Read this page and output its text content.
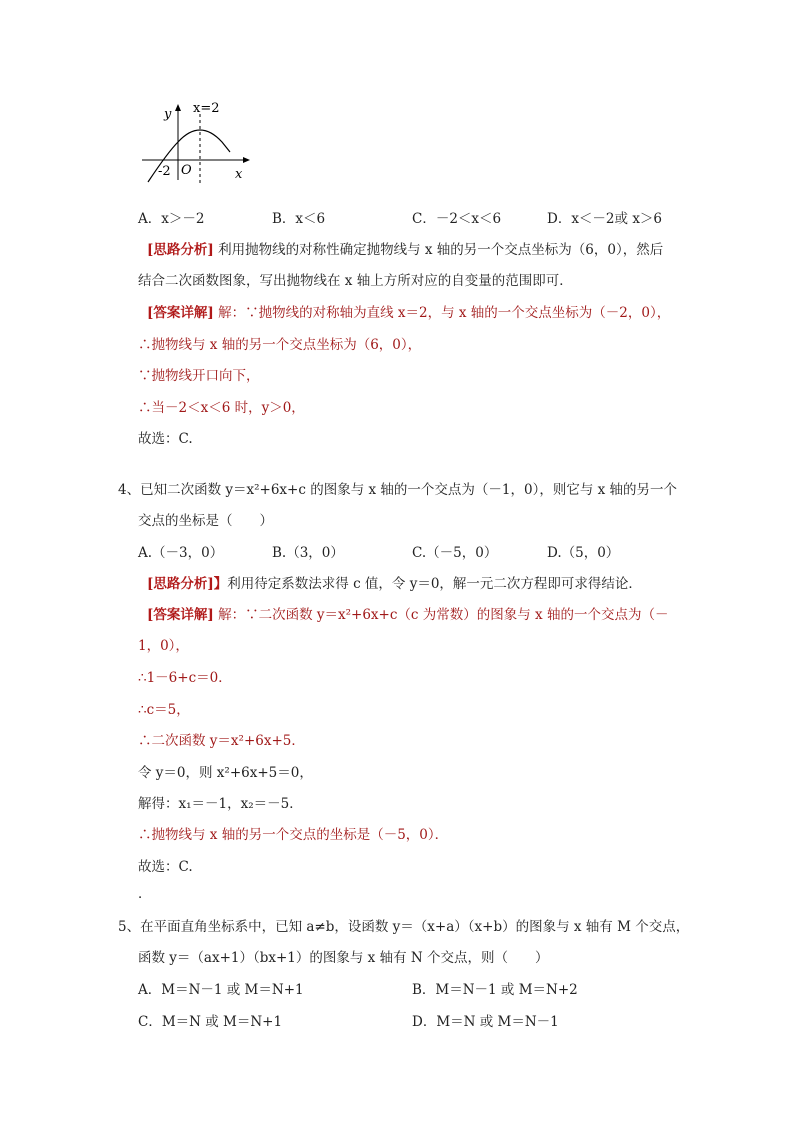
y x=2
-2 O	x
A．x＞－2	B．x＜6	C．－2＜x＜6	D．x＜－2或 x＞6
[思路分析] 利用抛物线的对称性确定抛物线与 x 轴的另一个交点坐标为（6，0），然后
结合二次函数图象，写出抛物线在 x 轴上方所对应的自变量的范围即可．
[答案详解] 解：∵抛物线的对称轴为直线 x＝2，与 x 轴的一个交点坐标为（－2，0），
∴抛物线与 x 轴的另一个交点坐标为（6，0），
∵抛物线开口向下，
∴当－2＜x＜6 时，y＞0，
故选：C.
4、已知二次函数 y＝x²+6x+c 的图象与 x 轴的一个交点为（－1，0），则它与 x 轴的另一个
交点的坐标是（　　）
A.（－3，0）	B.（3，0）	C.（－5，0）	D.（5，0）
[思路分析]】利用待定系数法求得 c 值，令 y＝0，解一元二次方程即可求得结论．
[答案详解] 解：∵二次函数 y＝x²+6x+c（c 为常数）的图象与 x 轴的一个交点为（－
1，0），
∴1－6+c＝0．
∴c＝5，
∴二次函数 y＝x²+6x+5．
令 y＝0，则 x²+6x+5＝0，
解得：x₁＝－1，x₂＝－5．
∴抛物线与 x 轴的另一个交点的坐标是（－5，0）．
故选：C.
．
5、在平面直角坐标系中，已知 a≠b，设函数 y＝（x+a）（x+b）的图象与 x 轴有 M 个交点，
函数 y＝（ax+1）（bx+1）的图象与 x 轴有 N 个交点，则（　　）
A．M＝N－1 或 M＝N+1	B．M＝N－1 或 M＝N+2
C．M＝N 或 M＝N+1	D．M＝N 或 M＝N－1
